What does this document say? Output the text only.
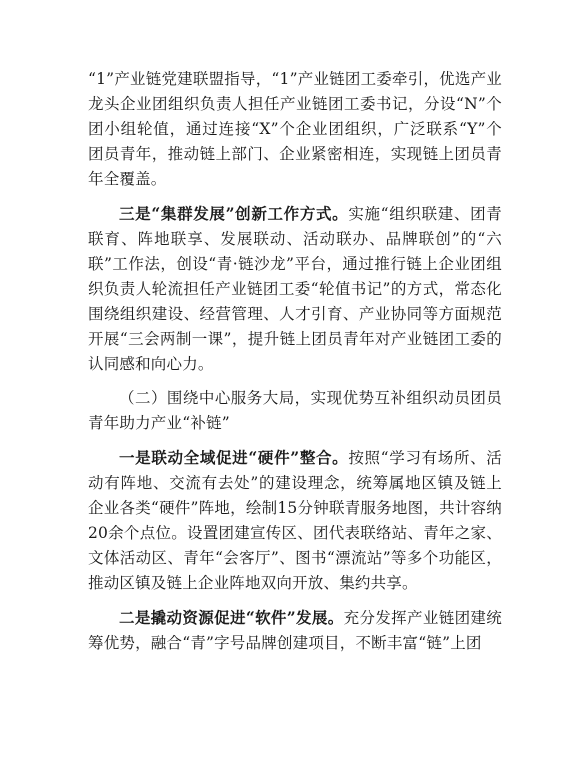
“1”产业链党建联盟指导，“1”产业链团工委牵引，优选产业龙头企业团组织负责人担任产业链团工委书记，分设“N”个团小组轮值，通过连接“X”个企业团组织，广泛联系“Y”个团员青年，推动链上部门、企业紧密相连，实现链上团员青年全覆盖。

三是“集群发展”创新工作方式。实施“组织联建、团青联育、阵地联享、发展联动、活动联办、品牌联创”的“六联”工作法，创设“青·链沙龙”平台，通过推行链上企业团组织负责人轮流担任产业链团工委“轮值书记”的方式，常态化围绕组织建设、经营管理、人才引育、产业协同等方面规范开展“三会两制一课”，提升链上团员青年对产业链团工委的认同感和向心力。

（二）围绕中心服务大局，实现优势互补组织动员团员青年助力产业“补链”

一是联动全域促进“硬件”整合。按照“学习有场所、活动有阵地、交流有去处”的建设理念，统筹属地区镇及链上企业各类“硬件”阵地，绘制15分钟联青服务地图，共计容纳20余个点位。设置团建宣传区、团代表联络站、青年之家、文体活动区、青年“会客厅”、图书“漂流站”等多个功能区，推动区镇及链上企业阵地双向开放、集约共享。

二是撬动资源促进“软件”发展。充分发挥产业链团建统筹优势，融合“青”字号品牌创建项目，不断丰富“链”上团
